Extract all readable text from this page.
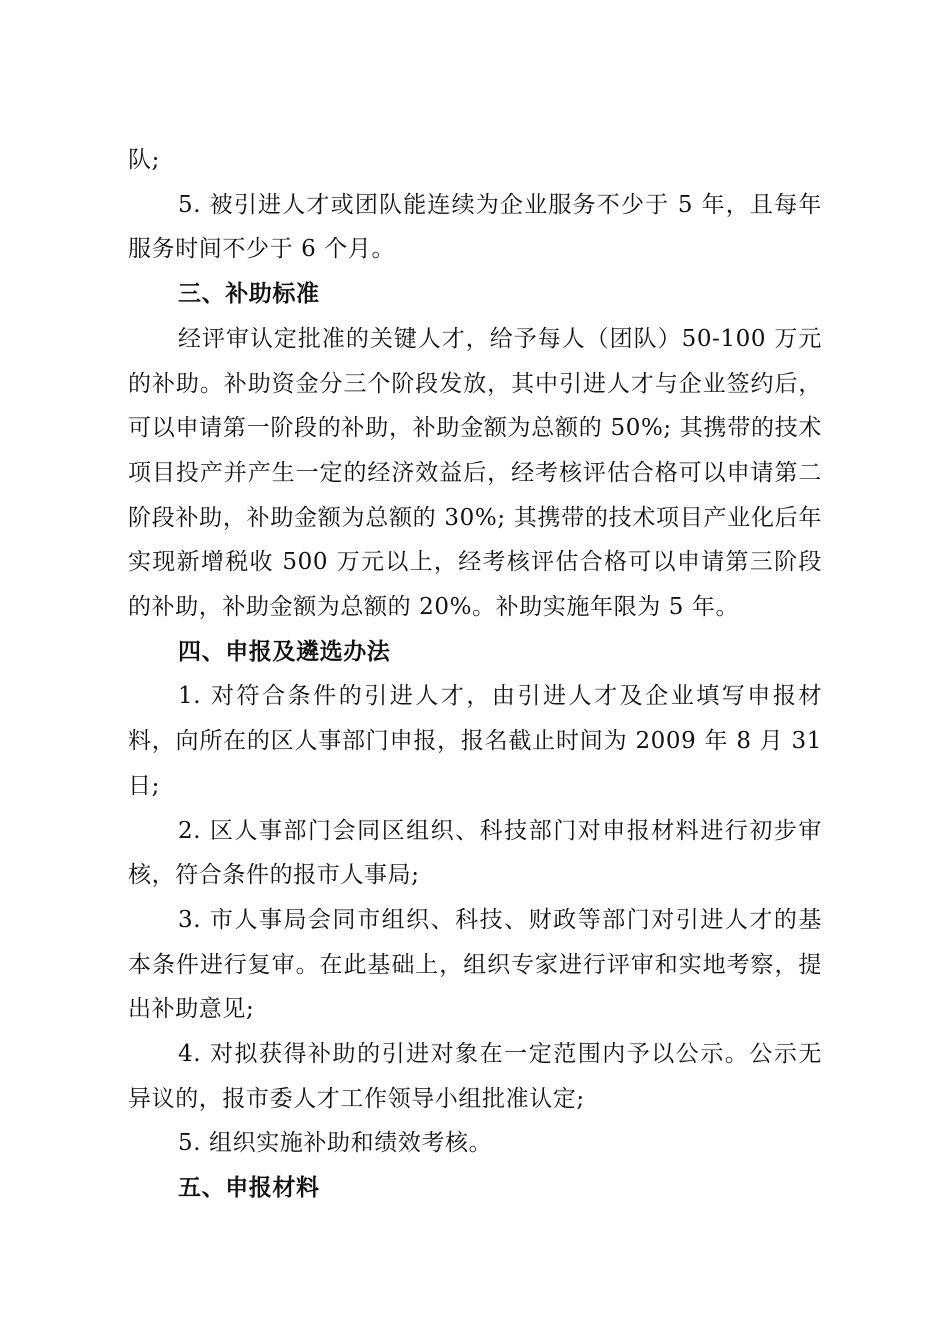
队;

5. 被引进人才或团队能连续为企业服务不少于 5 年，且每年服务时间不少于 6 个月。

三、补助标准

经评审认定批准的关键人才，给予每人（团队）50-100 万元的补助。补助资金分三个阶段发放，其中引进人才与企业签约后，可以申请第一阶段的补助，补助金额为总额的 50%; 其携带的技术项目投产并产生一定的经济效益后，经考核评估合格可以申请第二阶段补助，补助金额为总额的 30%; 其携带的技术项目产业化后年实现新增税收 500 万元以上，经考核评估合格可以申请第三阶段的补助，补助金额为总额的 20%。补助实施年限为 5 年。

四、申报及遴选办法

1. 对符合条件的引进人才，由引进人才及企业填写申报材料，向所在的区人事部门申报，报名截止时间为 2009 年 8 月 31 日;

2. 区人事部门会同区组织、科技部门对申报材料进行初步审核，符合条件的报市人事局;

3. 市人事局会同市组织、科技、财政等部门对引进人才的基本条件进行复审。在此基础上，组织专家进行评审和实地考察，提出补助意见;

4. 对拟获得补助的引进对象在一定范围内予以公示。公示无异议的，报市委人才工作领导小组批准认定;

5. 组织实施补助和绩效考核。

五、申报材料
